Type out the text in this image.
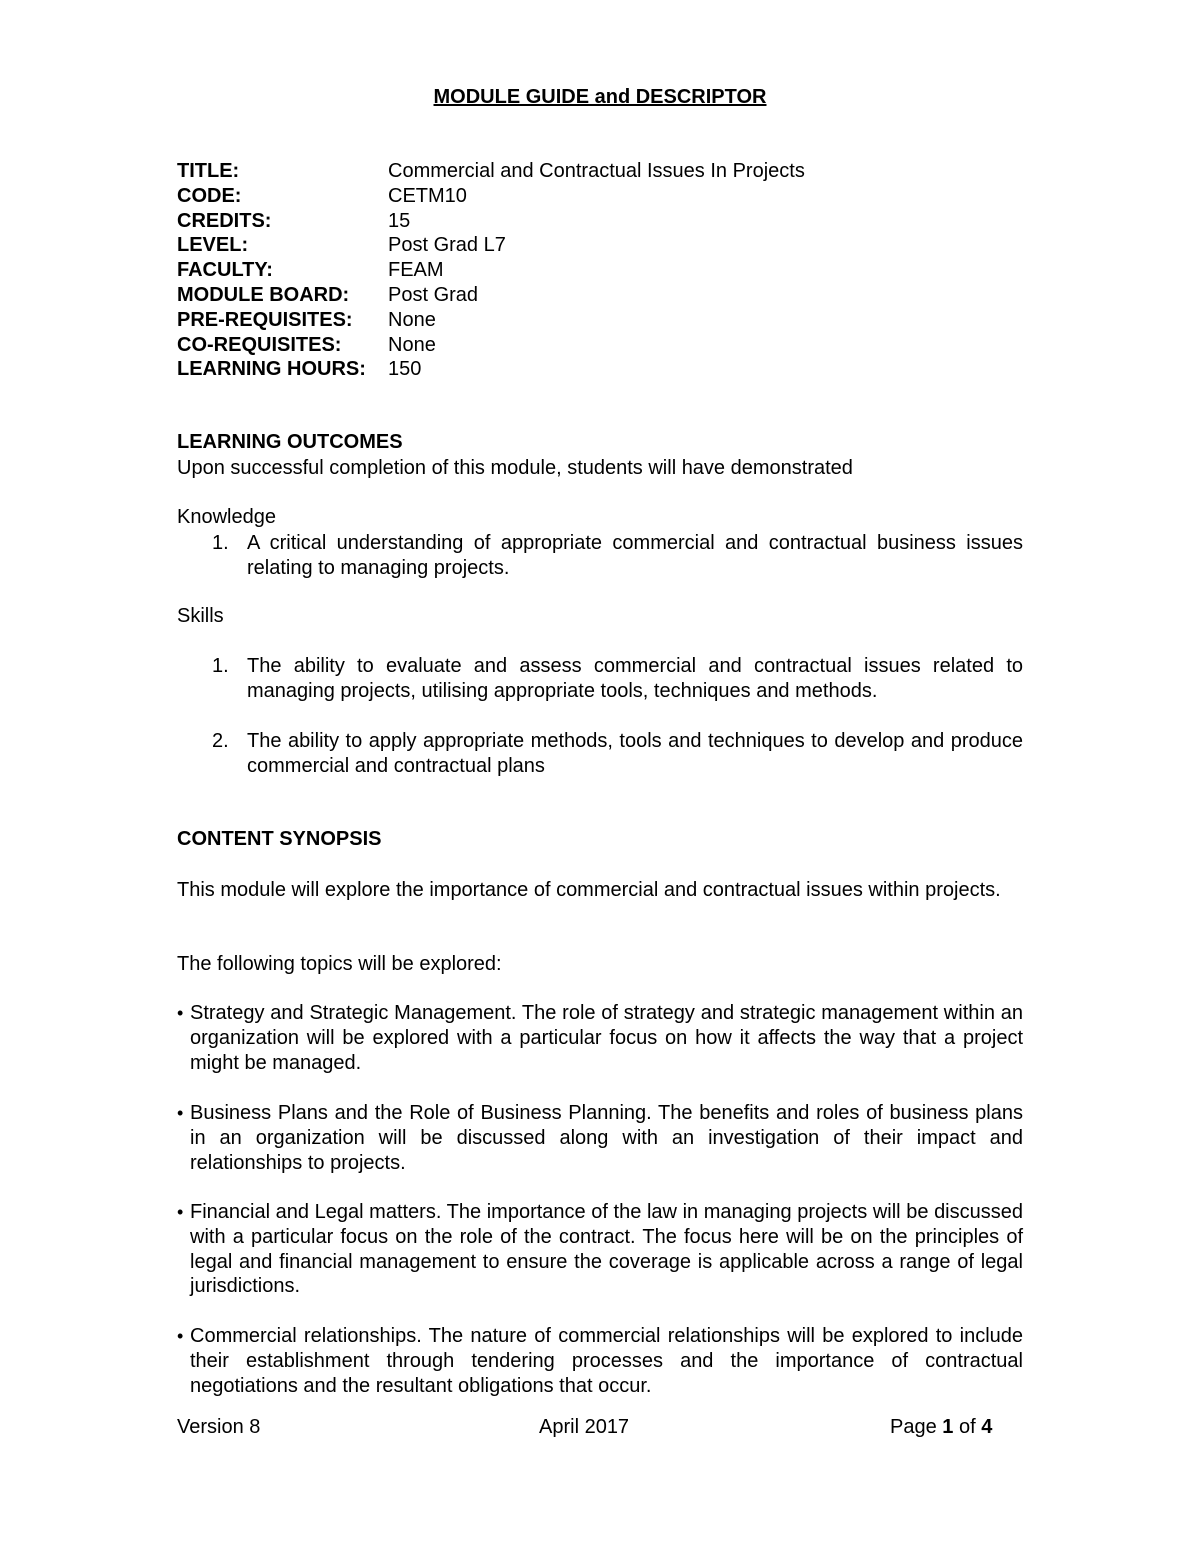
MODULE GUIDE and DESCRIPTOR
TITLE:	Commercial and Contractual Issues In Projects
CODE:	CETM10
CREDITS:	15
LEVEL:	Post Grad L7
FACULTY:	FEAM
MODULE BOARD: Post Grad
PRE-REQUISITES: None
CO-REQUISITES: None
LEARNING HOURS: 150
LEARNING OUTCOMES
Upon successful completion of this module, students will have demonstrated
Knowledge
1. A critical understanding of appropriate commercial and contractual business issues relating to managing projects.
Skills
1. The ability to evaluate and assess commercial and contractual issues related to managing projects, utilising appropriate tools, techniques and methods.
2. The ability to apply appropriate methods, tools and techniques to develop and produce commercial and contractual plans
CONTENT SYNOPSIS
This module will explore the importance of commercial and contractual issues within projects.
The following topics will be explored:
• Strategy and Strategic Management. The role of strategy and strategic management within an organization will be explored with a particular focus on how it affects the way that a project might be managed.
• Business Plans and the Role of Business Planning. The benefits and roles of business plans in an organization will be discussed along with an investigation of their impact and relationships to projects.
• Financial and Legal matters. The importance of the law in managing projects will be discussed with a particular focus on the role of the contract. The focus here will be on the principles of legal and financial management to ensure the coverage is applicable across a range of legal jurisdictions.
• Commercial relationships. The nature of commercial relationships will be explored to include their establishment through tendering processes and the importance of contractual negotiations and the resultant obligations that occur.
Version 8	April 2017	Page 1 of 4
